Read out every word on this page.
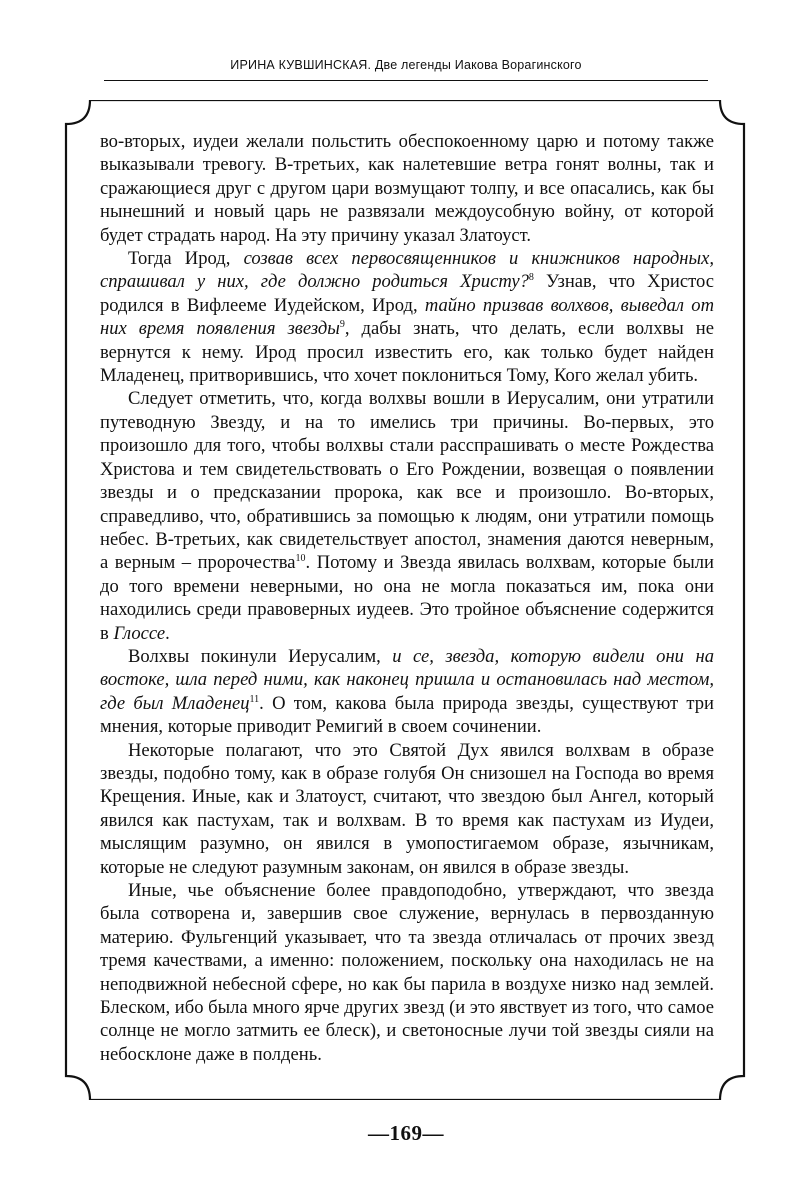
ИРИНА КУВШИНСКАЯ. Две легенды Иакова Ворагинского

во-вторых, иудеи желали польстить обеспокоенному царю и потому также выказывали тревогу. В-третьих, как налетевшие ветра гонят волны, так и сражающиеся друг с другом цари возмущают толпу, и все опасались, как бы нынешний и новый царь не развязали междоусобную войну, от которой будет страдать народ. На эту причину указал Златоуст.

Тогда Ирод, созвав всех первосвященников и книжников народных, спрашивал у них, где должно родиться Христу?$^8$ Узнав, что Христос родился в Вифлееме Иудейском, Ирод, тайно призвав волхвов, выведал от них время появления звезды$^9$, дабы знать, что делать, если волхвы не вернутся к нему. Ирод просил известить его, как только будет найден Младенец, притворившись, что хочет поклониться Тому, Кого желал убить.

Следует отметить, что, когда волхвы вошли в Иерусалим, они утратили путеводную Звезду, и на то имелись три причины. Во-первых, это произошло для того, чтобы волхвы стали расспрашивать о месте Рождества Христова и тем свидетельствовать о Его Рождении, возвещая о появлении звезды и о предсказании пророка, как все и произошло. Во-вторых, справедливо, что, обратившись за помощью к людям, они утратили помощь небес. В-третьих, как свидетельствует апостол, знамения даются неверным, а верным – пророчества$^{10}$. Потому и Звезда явилась волхвам, которые были до того времени неверными, но она не могла показаться им, пока они находились среди правоверных иудеев. Это тройное объяснение содержится в Глоссе.

Волхвы покинули Иерусалим, и се, звезда, которую видели они на востоке, шла перед ними, как наконец пришла и остановилась над местом, где был Младенец$^{11}$. О том, какова была природа звезды, существуют три мнения, которые приводит Ремигий в своем сочинении.

Некоторые полагают, что это Святой Дух явился волхвам в образе звезды, подобно тому, как в образе голубя Он снизошел на Господа во время Крещения. Иные, как и Златоуст, считают, что звездою был Ангел, который явился как пастухам, так и волхвам. В то время как пастухам из Иудеи, мыслящим разумно, он явился в умопостигаемом образе, язычникам, которые не следуют разумным законам, он явился в образе звезды.

Иные, чье объяснение более правдоподобно, утверждают, что звезда была сотворена и, завершив свое служение, вернулась в первозданную материю. Фульгенций указывает, что та звезда отличалась от прочих звезд тремя качествами, а именно: положением, поскольку она находилась не на неподвижной небесной сфере, но как бы парила в воздухе низко над землей. Блеском, ибо была много ярче других звезд (и это явствует из того, что самое солнце не могло затмить ее блеск), и светоносные лучи той звезды сияли на небосклоне даже в полдень.

—169—
